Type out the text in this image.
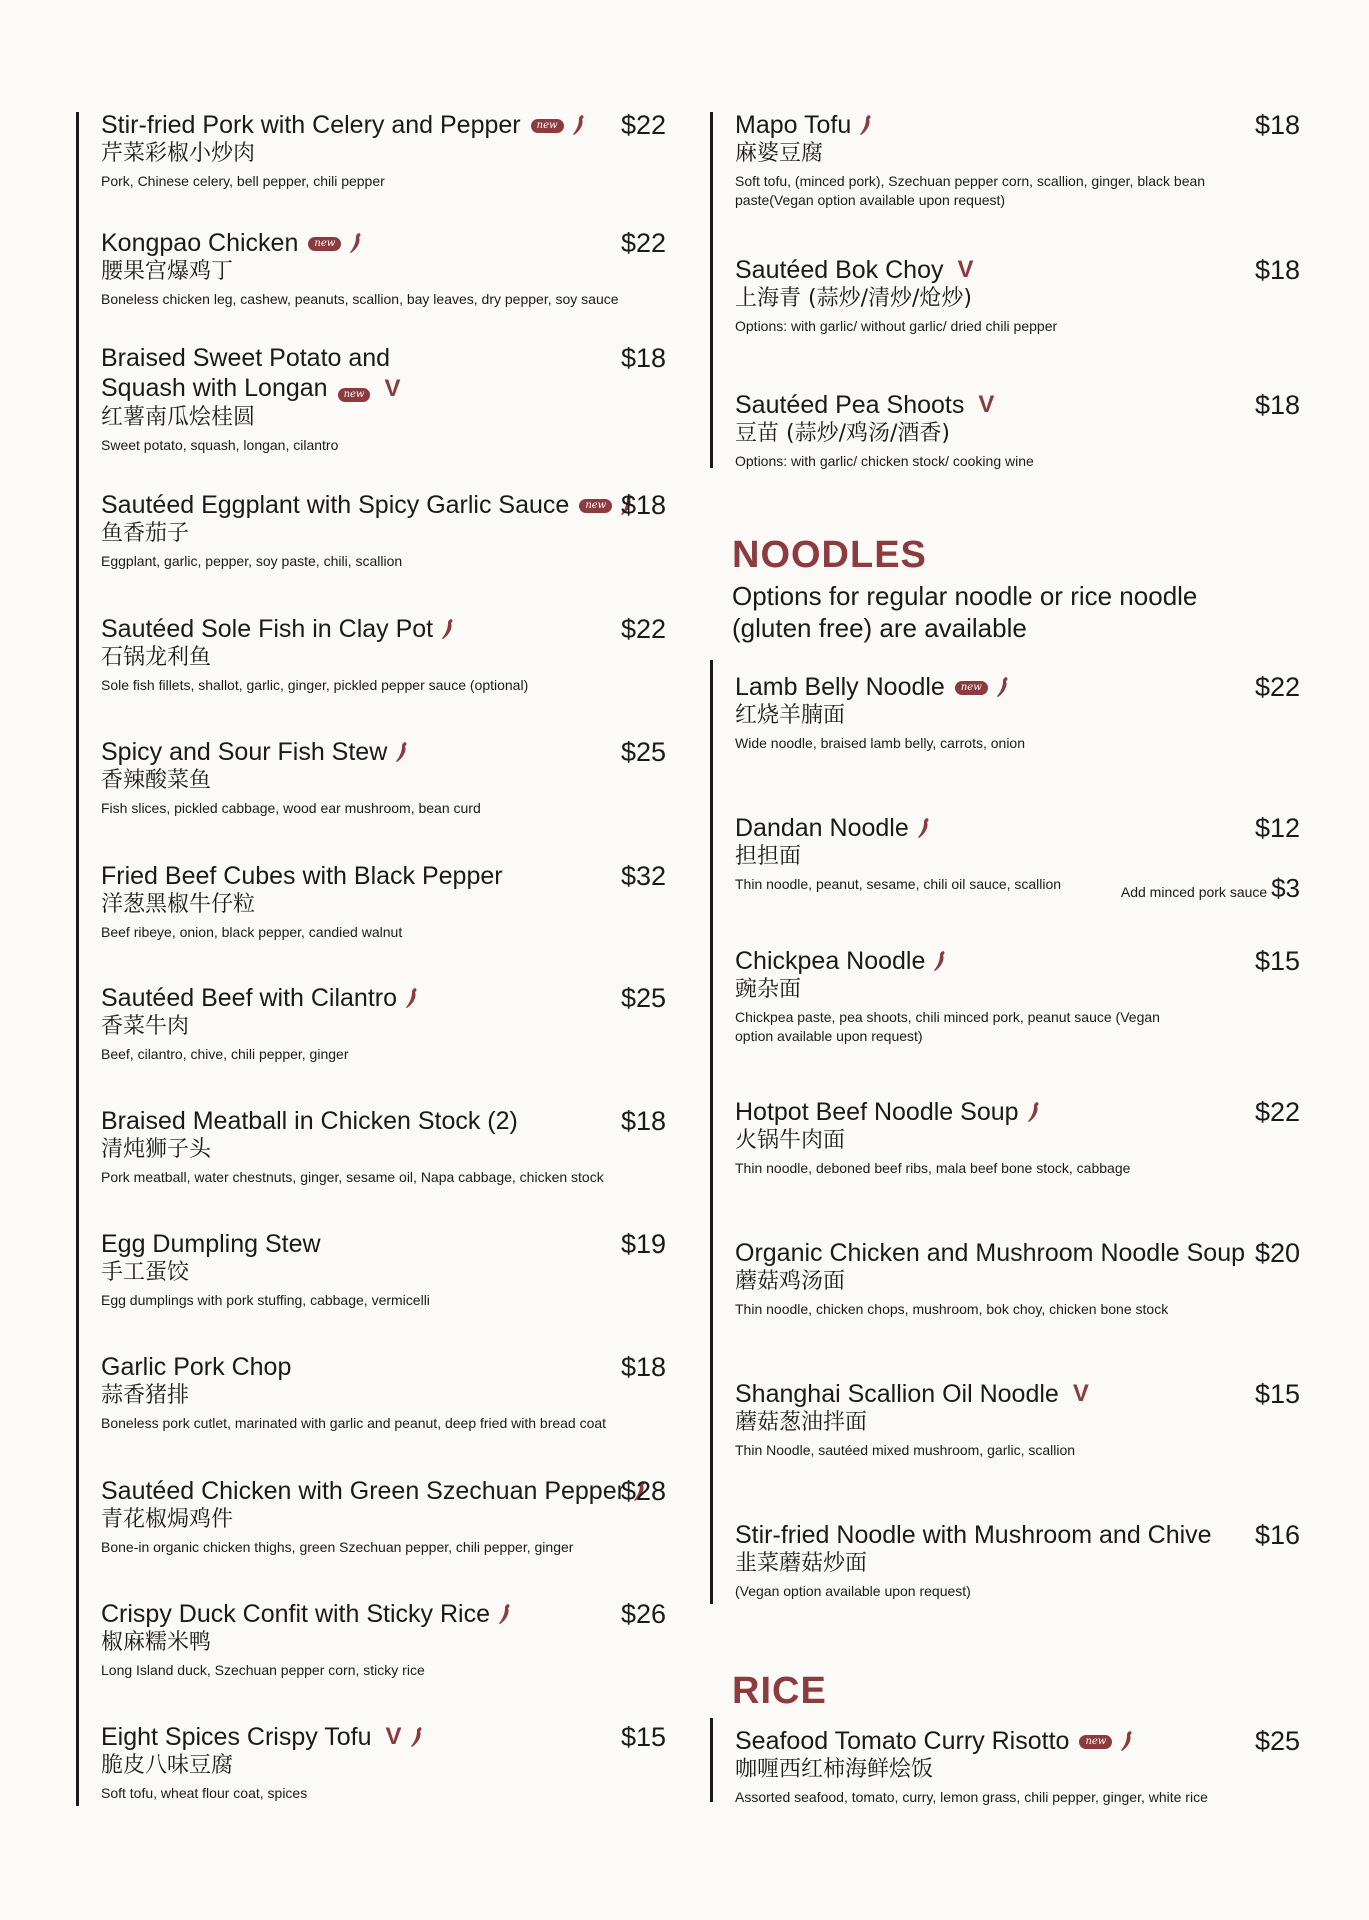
Stir-fried Pork with Celery and Pepper	new $22
芹菜彩椒小炒肉
Pork, Chinese celery, bell pepper, chili pepper
Kongpao Chicken	new	$22
腰果宫爆鸡丁
Boneless chicken leg, cashew, peanuts, scallion, bay leaves, dry pepper, soy sauce
Braised Sweet Potato and Squash with Longan new V
$18
红薯南瓜烩桂圆
Sweet potato, squash, longan, cilantro
Sautéed Eggplant with Spicy Garlic Sauce	new $18
鱼香茄子
Eggplant, garlic, pepper, soy paste, chili, scallion
Sautéed Sole Fish in Clay Pot	$22
石锅龙利鱼
Sole fish fillets, shallot, garlic, ginger, pickled pepper sauce (optional)
Spicy and Sour Fish Stew	$25
香辣酸菜鱼
Fish slices, pickled cabbage, wood ear mushroom, bean curd
Fried Beef Cubes with Black Pepper	$32
洋葱黑椒牛仔粒
Beef ribeye, onion, black pepper, candied walnut
Sautéed Beef with Cilantro	$25
香菜牛肉
Beef, cilantro, chive, chili pepper, ginger
Braised Meatball in Chicken Stock (2)	$18
清炖狮子头
Pork meatball, water chestnuts, ginger, sesame oil, Napa cabbage, chicken stock
Egg Dumpling Stew	$19
手工蛋饺
Egg dumplings with pork stuffing, cabbage, vermicelli
Garlic Pork Chop	$18
蒜香猪排
Boneless pork cutlet, marinated with garlic and peanut, deep fried with bread coat
Sautéed Chicken with Green Szechuan Pepper
$28
青花椒焗鸡件
Bone-in organic chicken thighs, green Szechuan pepper, chili pepper, ginger
Crispy Duck Confit with Sticky Rice	$26
椒麻糯米鸭
Long Island duck, Szechuan pepper corn, sticky rice
Eight Spices Crispy Tofu V	$15
脆皮八味豆腐
Soft tofu, wheat flour coat, spices
Mapo Tofu	$18
麻婆豆腐
Soft tofu, (minced pork), Szechuan pepper corn, scallion, ginger, black bean paste(Vegan option available upon request)
Sautéed Bok Choy V	$18
上海青 (蒜炒/清炒/炝炒)
Options: with garlic/ without garlic/ dried chili pepper
Sautéed Pea Shoots V	$18
豆苗 (蒜炒/鸡汤/酒香)
Options: with garlic/ chicken stock/ cooking wine
NOODLES
Options for regular noodle or rice noodle (gluten free) are available
Lamb Belly Noodle	new	$22
红烧羊腩面
Wide noodle, braised lamb belly, carrots, onion
Dandan Noodle	$12
担担面
Thin noodle, peanut, sesame, chili oil sauce, scallion	Add minced pork sauce $3
Chickpea Noodle	$15
豌杂面
Chickpea paste, pea shoots, chili minced pork, peanut sauce (Vegan option available upon request)
Hotpot Beef Noodle Soup	$22
火锅牛肉面
Thin noodle, deboned beef ribs, mala beef bone stock, cabbage
Organic Chicken and Mushroom Noodle Soup $20
蘑菇鸡汤面
Thin noodle, chicken chops, mushroom, bok choy, chicken bone stock
Shanghai Scallion Oil Noodle V	$15
蘑菇葱油拌面
Thin Noodle, sautéed mixed mushroom, garlic, scallion
Stir-fried Noodle with Mushroom and Chive $16
韭菜蘑菇炒面
(Vegan option available upon request)
RICE
Seafood Tomato Curry Risotto	new	$25
咖喱西红柿海鲜烩饭
Assorted seafood, tomato, curry, lemon grass, chili pepper, ginger, white rice
